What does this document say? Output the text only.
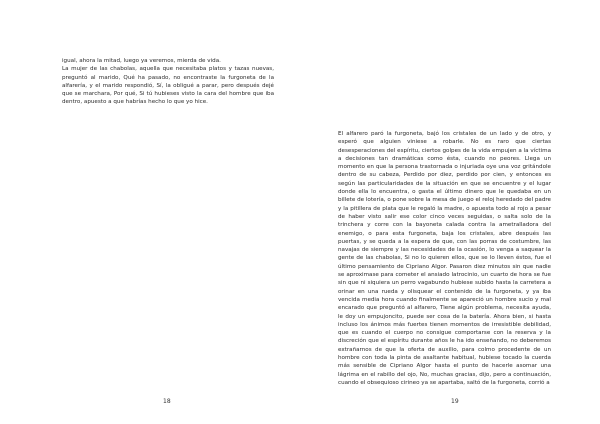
igual, ahora la mitad, luego ya veremos, mierda de vida.

La mujer de las chabolas, aquella que necesitaba platos y tazas nuevas, preguntó al marido, Qué ha pasado, no encontraste la furgoneta de la alfarería, y el marido respondió, Sí, la obligué a parar, pero después dejé que se marchara, Por qué, Si tú hubieses visto la cara del hombre que iba dentro, apuesto a que habrías hecho lo que yo hice.

18

El alfarero paró la furgoneta, bajó los cristales de un lado y de otro, y esperó que alguien viniese a robarle. No es raro que ciertas desesperaciones del espíritu, ciertos golpes de la vida empujen a la víctima a decisiones tan dramáticas como ésta, cuando no peores. Llega un momento en que la persona trastornada o injuriada oye una voz gritándole dentro de su cabeza, Perdido por diez, perdido por cien, y entonces es según las particularidades de la situación en que se encuentre y el lugar donde ella lo encuentra, o gasta el último dinero que le quedaba en un billete de lotería, o pone sobre la mesa de juego el reloj heredado del padre y la pitillera de plata que le regaló la madre, o apuesta todo al rojo a pesar de haber visto salir ese color cinco veces seguidas, o salta solo de la trinchera y corre con la bayoneta calada contra la ametralladora del enemigo, o para esta furgoneta, baja los cristales, abre después las puertas, y se queda a la espera de que, con las porras de costumbre, las navajas de siempre y las necesidades de la ocasión, lo venga a saquear la gente de las chabolas, Si no lo quieren ellos, que se lo lleven éstos, fue el último pensamiento de Cipriano Algor. Pasaron diez minutos sin que nadie se aproximase para cometer el ansiado latrocinio, un cuarto de hora se fue sin que ni siquiera un perro vagabundo hubiese subido hasta la carretera a orinar en una rueda y olisquear el contenido de la furgoneta, y ya iba vencida media hora cuando finalmente se apareció un hombre sucio y mal encarado que preguntó al alfarero, Tiene algún problema, necesita ayuda, le doy un empujoncito, puede ser cosa de la batería. Ahora bien, si hasta incluso los ánimos más fuertes tienen momentos de irresistible debilidad, que es cuando el cuerpo no consigue comportarse con la reserva y la discreción que el espíritu durante años le ha ido enseñando, no deberemos extrañarnos de que la oferta de auxilio, para colmo procedente de un hombre con toda la pinta de asaltante habitual, hubiese tocado la cuerda más sensible de Cipriano Algor hasta el punto de hacerle asomar una lágrima en el rabillo del ojo, No, muchas gracias, dijo, pero a continuación, cuando el obsequioso cirineo ya se apartaba, saltó de la furgoneta, corrió a

19
